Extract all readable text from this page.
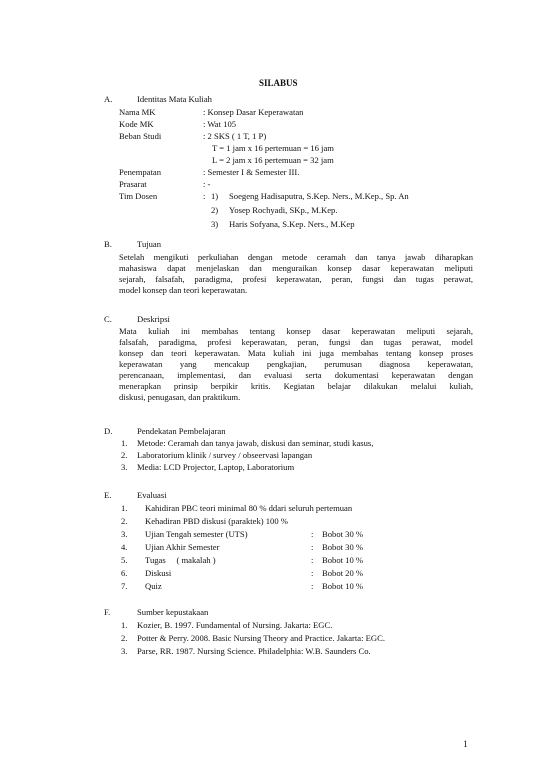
SILABUS
A.	Identitas Mata Kuliah
Nama MK	: Konsep Dasar Keperawatan
Kode MK	: Wat 105
Beban Studi	: 2 SKS ( 1 T, 1 P)
T = 1 jam x 16 pertemuan = 16 jam
L = 2 jam x 16 pertemuan = 32 jam
Penempatan	: Semester I & Semester III.
Prasarat	: -
Tim Dosen	: 1) Soegeng Hadisaputra, S.Kep. Ners., M.Kep., Sp. An
2) Yosep Rochyadi, SKp., M.Kep.
3) Haris Sofyana, S.Kep. Ners., M.Kep
B.	Tujuan
Setelah mengikuti perkuliahan dengan metode ceramah dan tanya jawab diharapkan
mahasiswa dapat menjelaskan dan menguraikan konsep dasar keperawatan meliputi
sejarah, falsafah, paradigma, profesi keperawatan, peran, fungsi dan tugas perawat,
model konsep dan teori keperawatan.
C.	Deskripsi
Mata kuliah ini membahas tentang konsep dasar keperawatan meliputi sejarah,
falsafah, paradigma, profesi keperawatan, peran, fungsi dan tugas perawat, model
konsep dan teori keperawatan. Mata kuliah ini juga membahas tentang konsep proses
keperawatan yang mencakup pengkajian, perumusan diagnosa keperawatan,
perencanaan, implementasi, dan evaluasi serta dokumentasi keperawatan dengan
menerapkan prinsip berpikir kritis. Kegiatan belajar dilakukan melalui kuliah,
diskusi, penugasan, dan praktikum.
D.	Pendekatan Pembelajaran
1. Metode: Ceramah dan tanya jawab, diskusi dan seminar, studi kasus,
2. Laboratorium klinik / survey / obseervasi lapangan
3. Media: LCD Projector, Laptop, Laboratorium
E.	Evaluasi
1. Kahidiran PBC teori minimal 80 % ddari seluruh pertemuan
2. Kehadiran PBD diskusi (paraktek) 100 %
3. Ujian Tengah semester (UTS)	: Bobot 30 %
4. Ujian Akhir Semester	: Bobot 30 %
5. Tugas     ( makalah )	: Bobot 10 %
6. Diskusi	: Bobot 20 %
7. Quiz	: Bobot 10 %
F.	Sumber kepustakaan
1. Kozier, B. 1997. Fundamental of Nursing. Jakarta: EGC.
2. Potter & Perry. 2008. Basic Nursing Theory and Practice. Jakarta: EGC.
3. Parse, RR. 1987. Nursing Science. Philadelphia: W.B. Saunders Co.
1
